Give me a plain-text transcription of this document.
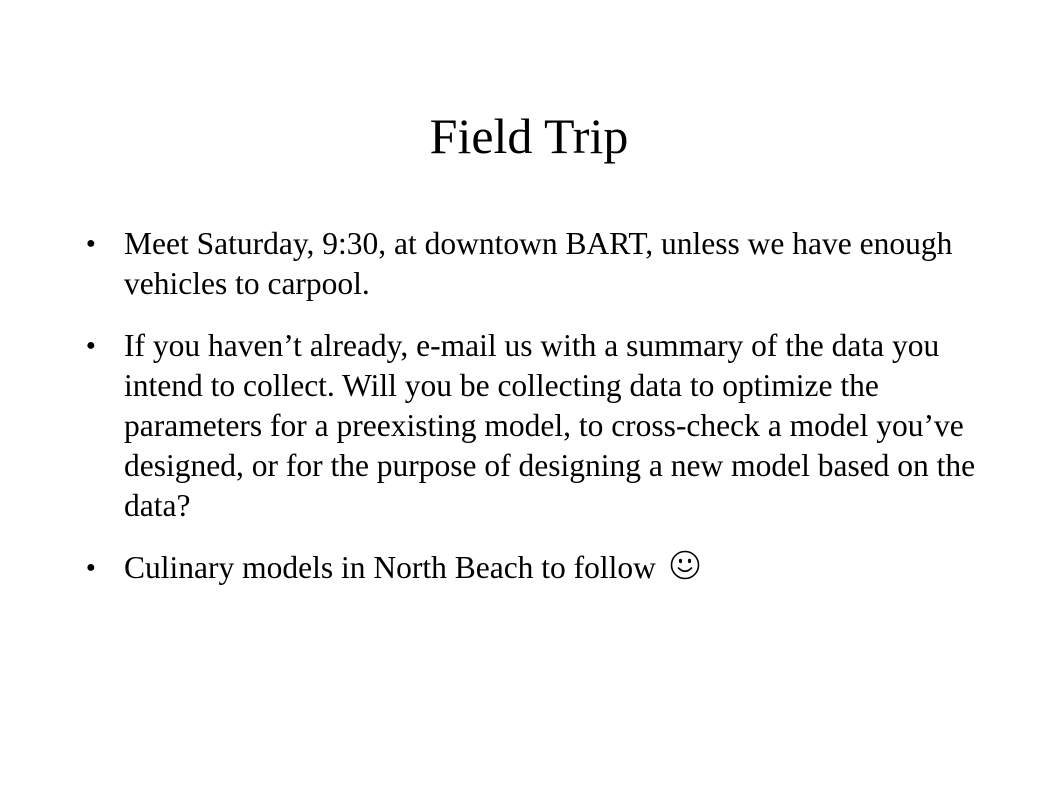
Field Trip
● Meet Saturday, 9:30, at downtown BART, unless we have enough vehicles to carpool.
● If you haven’t already, e-mail us with a summary of the data you intend to collect. Will you be collecting data to optimize the parameters for a preexisting model, to cross-check a model you’ve designed, or for the purpose of designing a new model based on the data?
● Culinary models in North Beach to follow
